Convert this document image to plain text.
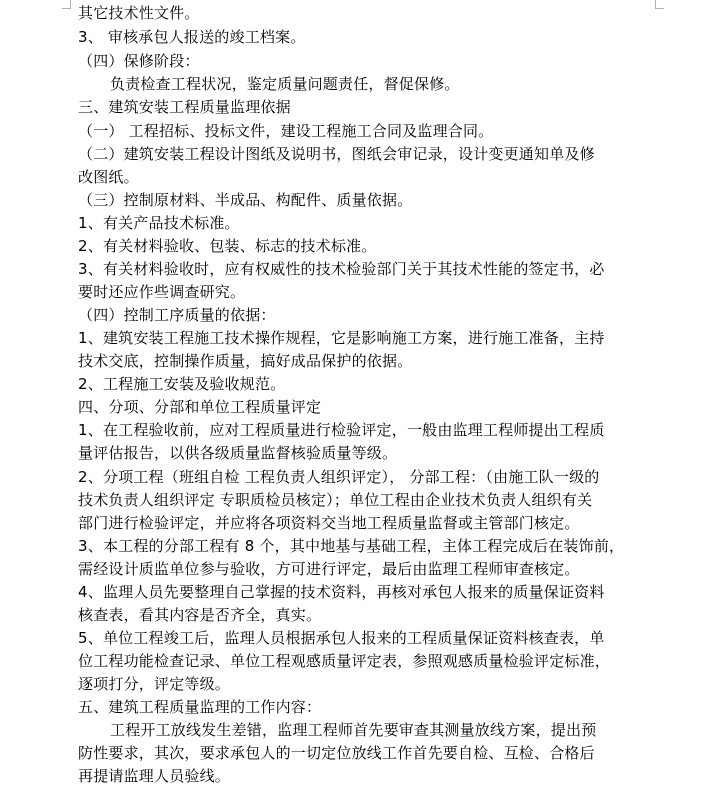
其它技术性文件。
3、 审核承包人报送的竣工档案。
（四）保修阶段：
负责检查工程状况，鉴定质量问题责任，督促保修。
三、建筑安装工程质量监理依据
（一） 工程招标、投标文件，建设工程施工合同及监理合同。
（二）建筑安装工程设计图纸及说明书，图纸会审记录，设计变更通知单及修
改图纸。
（三）控制原材料、半成品、构配件、质量依据。
1、有关产品技术标准。
2、有关材料验收、包装、标志的技术标准。
3、有关材料验收时，应有权威性的技术检验部门关于其技术性能的签定书，必
要时还应作些调查研究。
（四）控制工序质量的依据：
1、建筑安装工程施工技术操作规程，它是影响施工方案，进行施工准备，主持
技术交底，控制操作质量，搞好成品保护的依据。
2、工程施工安装及验收规范。
四、分项、分部和单位工程质量评定
1、在工程验收前，应对工程质量进行检验评定，一般由监理工程师提出工程质
量评估报告，以供各级质量监督核验质量等级。
2、分项工程（班组自检 工程负责人组织评定）， 分部工程：（由施工队一级的
技术负责人组织评定 专职质检员核定）；单位工程由企业技术负责人组织有关
部门进行检验评定，并应将各项资料交当地工程质量监督或主管部门核定。
3、本工程的分部工程有 8 个，其中地基与基础工程，主体工程完成后在装饰前，
需经设计质监单位参与验收，方可进行评定，最后由监理工程师审查核定。
4、监理人员先要整理自己掌握的技术资料，再核对承包人报来的质量保证资料
核查表，看其内容是否齐全，真实。
5、单位工程竣工后，监理人员根据承包人报来的工程质量保证资料核查表，单
位工程功能检查记录、单位工程观感质量评定表，参照观感质量检验评定标准，
逐项打分，评定等级。
五、建筑工程质量监理的工作内容：
工程开工放线发生差错，监理工程师首先要审查其测量放线方案，提出预
防性要求，其次，要求承包人的一切定位放线工作首先要自检、互检、合格后
再提请监理人员验线。
